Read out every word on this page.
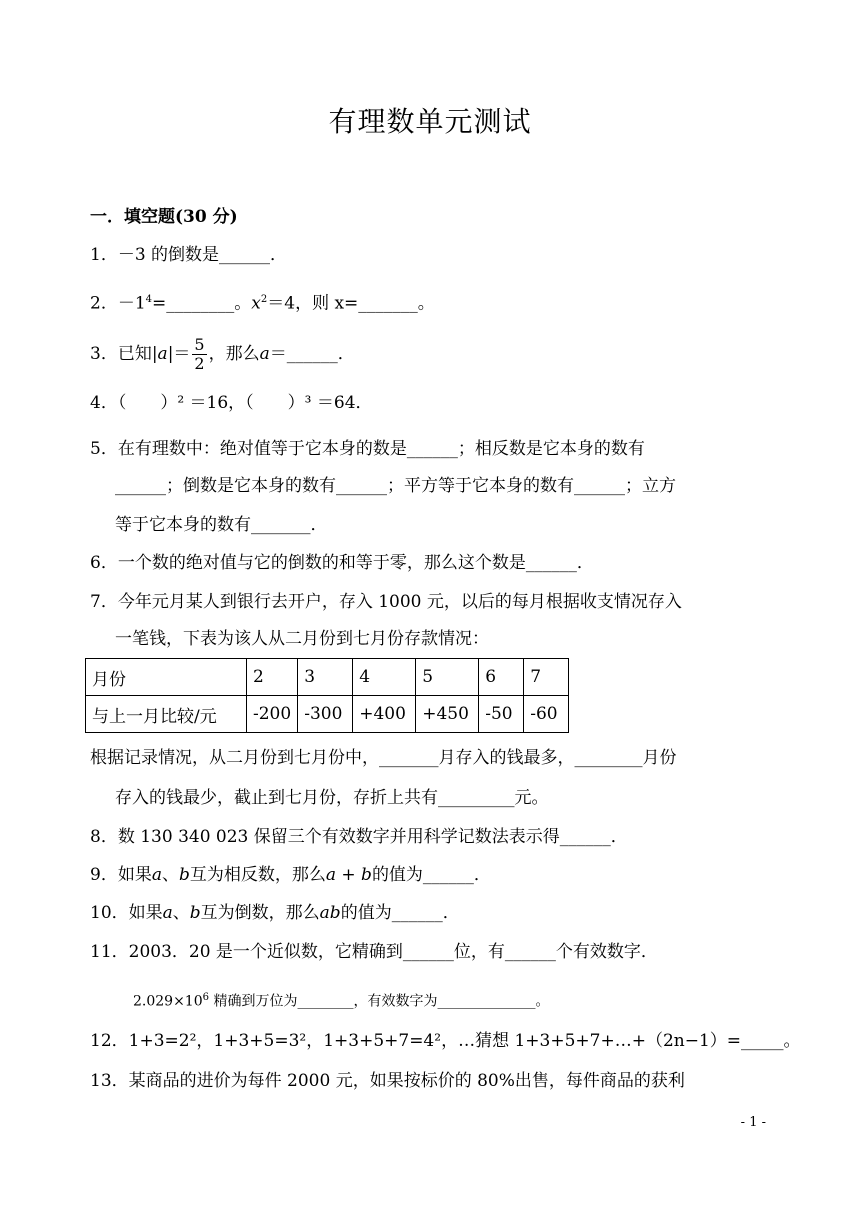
有理数单元测试
一．填空题(30 分)
1．－3 的倒数是______．
2．$-1^4=\_\_\_\_\_\_\_\_$。$x^2=4$，则 x=_______。
3．已知$|a|= \frac{5}{2}$ ，那么a＝______．
4．（　　）² ＝16，（　　）³ ＝64．
5．在有理数中：绝对值等于它本身的数是______；相反数是它本身的数有
______；倒数是它本身的数有______；平方等于它本身的数有______；立方
等于它本身的数有_______．
6．一个数的绝对值与它的倒数的和等于零，那么这个数是______．
7．今年元月某人到银行去开户，存入 1000 元，以后的每月根据收支情况存入
一笔钱，下表为该人从二月份到七月份存款情况：
月份	2	3	4	5	6	7
与上一月比较/元	-200	-300	+400	+450	-50	-60
根据记录情况，从二月份到七月份中，_______月存入的钱最多，________月份
存入的钱最少，截止到七月份，存折上共有_________元。
8．数 130 340 023 保留三个有效数字并用科学记数法表示得______．
9．如果a、b互为相反数，那么a + b的值为______．
10．如果a、b互为倒数，那么ab的值为______．
11．2003．20 是一个近似数，它精确到______位，有______个有效数字．
$2.029\times 10^6$ 精确到万位为________，有效数字为______________。
12．1+3=2²，1+3+5=3²，1+3+5+7=4²，…猜想 1+3+5+7+…+（2n−1）=_____。
13．某商品的进价为每件 2000 元，如果按标价的 80%出售，每件商品的获利
- 1 -
